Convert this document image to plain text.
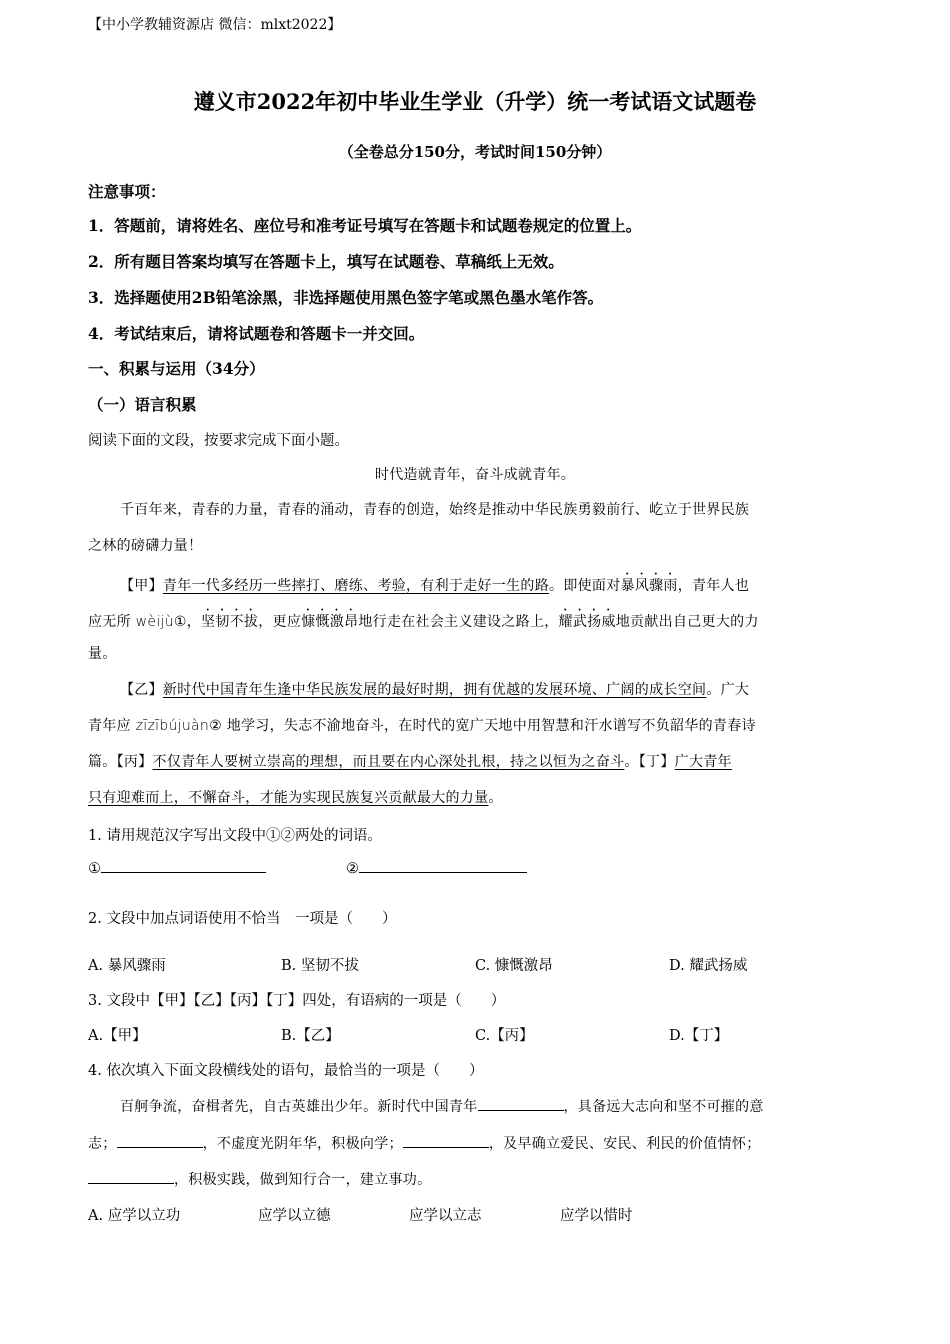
【中小学教辅资源店 微信：mlxt2022】
遵义市2022年初中毕业生学业（升学）统一考试语文试题卷
（全卷总分150分，考试时间150分钟）
注意事项：
1．答题前，请将姓名、座位号和准考证号填写在答题卡和试题卷规定的位置上。
2．所有题目答案均填写在答题卡上，填写在试题卷、草稿纸上无效。
3．选择题使用2B铅笔涂黑，非选择题使用黑色签字笔或黑色墨水笔作答。
4．考试结束后，请将试题卷和答题卡一并交回。
一、积累与运用（34分）
（一）语言积累
阅读下面的文段，按要求完成下面小题。
时代造就青年，奋斗成就青年。
千百年来，青春的力量，青春的涌动，青春的创造，始终是推动中华民族勇毅前行、屹立于世界民族
之林的磅礴力量！
【甲】青年一代多经历一些摔打、磨练、考验，有利于走好一生的路。即使面对暴风骤雨，青年人也
应无所 wèijù①，坚韧不拔，更应慷慨激昂地行走在社会主义建设之路上，耀武扬威地贡献出自己更大的力
量。
【乙】新时代中国青年生逢中华民族发展的最好时期，拥有优越的发展环境、广阔的成长空间。广大
青年应 zīzībújuàn② 地学习，失志不渝地奋斗，在时代的宽广天地中用智慧和汗水谱写不负韶华的青春诗
篇。【丙】不仅青年人要树立崇高的理想，而且要在内心深处扎根，持之以恒为之奋斗。【丁】广大青年
只有迎难而上，不懈奋斗，才能为实现民族复兴贡献最大的力量。
1. 请用规范汉字写出文段中①②两处的词语。
①	②
2. 文段中加点词语使用不恰当　一项是（　　）
A. 暴风骤雨	B. 坚韧不拔	C. 慷慨激昂	D. 耀武扬威
3. 文段中【甲】【乙】【丙】【丁】四处，有语病的一项是（　　）
A.【甲】	B.【乙】	C.【丙】	D.【丁】
4. 依次填入下面文段横线处的语句，最恰当的一项是（　　）
百舸争流，奋楫者先，自古英雄出少年。新时代中国青年	，具备远大志向和坚不可摧的意
志；	，不虚度光阴年华，积极向学；	，及早确立爱民、安民、利民的价值情怀；
，积极实践，做到知行合一，建立事功。
A. 应学以立功	应学以立德	应学以立志	应学以惜时
